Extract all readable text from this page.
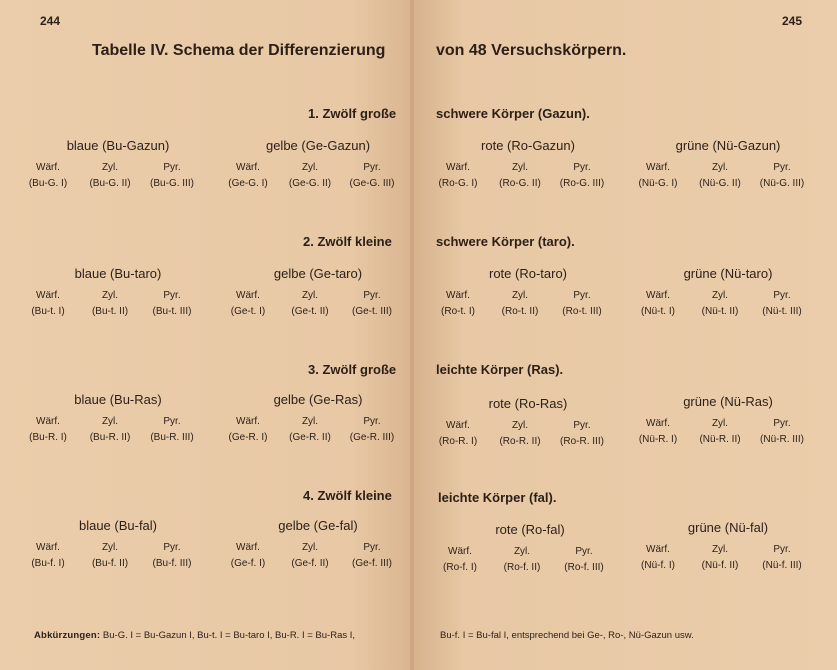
244
Tabelle IV. Schema der Differenzierung
1. Zwölf große
blaue (Bu-Gazun)
Wärf.
(Bu-G. I)
Zyl.
(Bu-G. II)
Pyr.
(Bu-G. III)
gelbe (Ge-Gazun)
Wärf.
(Ge-G. I)
Zyl.
(Ge-G. II)
Pyr.
(Ge-G. III)
2. Zwölf kleine
blaue (Bu-taro)
Wärf.
(Bu-t. I)
Zyl.
(Bu-t. II)
Pyr.
(Bu-t. III)
gelbe (Ge-taro)
Wärf.
(Ge-t. I)
Zyl.
(Ge-t. II)
Pyr.
(Ge-t. III)
3. Zwölf große
blaue (Bu-Ras)
Wärf.
(Bu-R. I)
Zyl.
(Bu-R. II)
Pyr.
(Bu-R. III)
gelbe (Ge-Ras)
Wärf.
(Ge-R. I)
Zyl.
(Ge-R. II)
Pyr.
(Ge-R. III)
4. Zwölf kleine
blaue (Bu-fal)
Wärf.
(Bu-f. I)
Zyl.
(Bu-f. II)
Pyr.
(Bu-f. III)
gelbe (Ge-fal)
Wärf.
(Ge-f. I)
Zyl.
(Ge-f. II)
Pyr.
(Ge-f. III)
Abkürzungen: Bu-G. I = Bu-Gazun I, Bu-t. I = Bu-taro I, Bu-R. I = Bu-Ras I,
245
von 48 Versuchskörpern.
schwere Körper (Gazun).
rote (Ro-Gazun)
Wärf.
(Ro-G. I)
Zyl.
(Ro-G. II)
Pyr.
(Ro-G. III)
grüne (Nü-Gazun)
Wärf.
(Nü-G. I)
Zyl.
(Nü-G. II)
Pyr.
(Nü-G. III)
schwere Körper (taro).
rote (Ro-taro)
Wärf.
(Ro-t. I)
Zyl.
(Ro-t. II)
Pyr.
(Ro-t. III)
grüne (Nü-taro)
Wärf.
(Nü-t. I)
Zyl.
(Nü-t. II)
Pyr.
(Nü-t. III)
leichte Körper (Ras).
rote (Ro-Ras)
Wärf.
(Ro-R. I)
Zyl.
(Ro-R. II)
Pyr.
(Ro-R. III)
grüne (Nü-Ras)
Wärf.
(Nü-R. I)
Zyl.
(Nü-R. II)
Pyr.
(Nü-R. III)
leichte Körper (fal).
rote (Ro-fal)
Wärf.
(Ro-f. I)
Zyl.
(Ro-f. II)
Pyr.
(Ro-f. III)
grüne (Nü-fal)
Wärf.
(Nü-f. I)
Zyl.
(Nü-f. II)
Pyr.
(Nü-f. III)
Bu-f. I = Bu-fal I, entsprechend bei Ge-, Ro-, Nü-Gazun usw.
